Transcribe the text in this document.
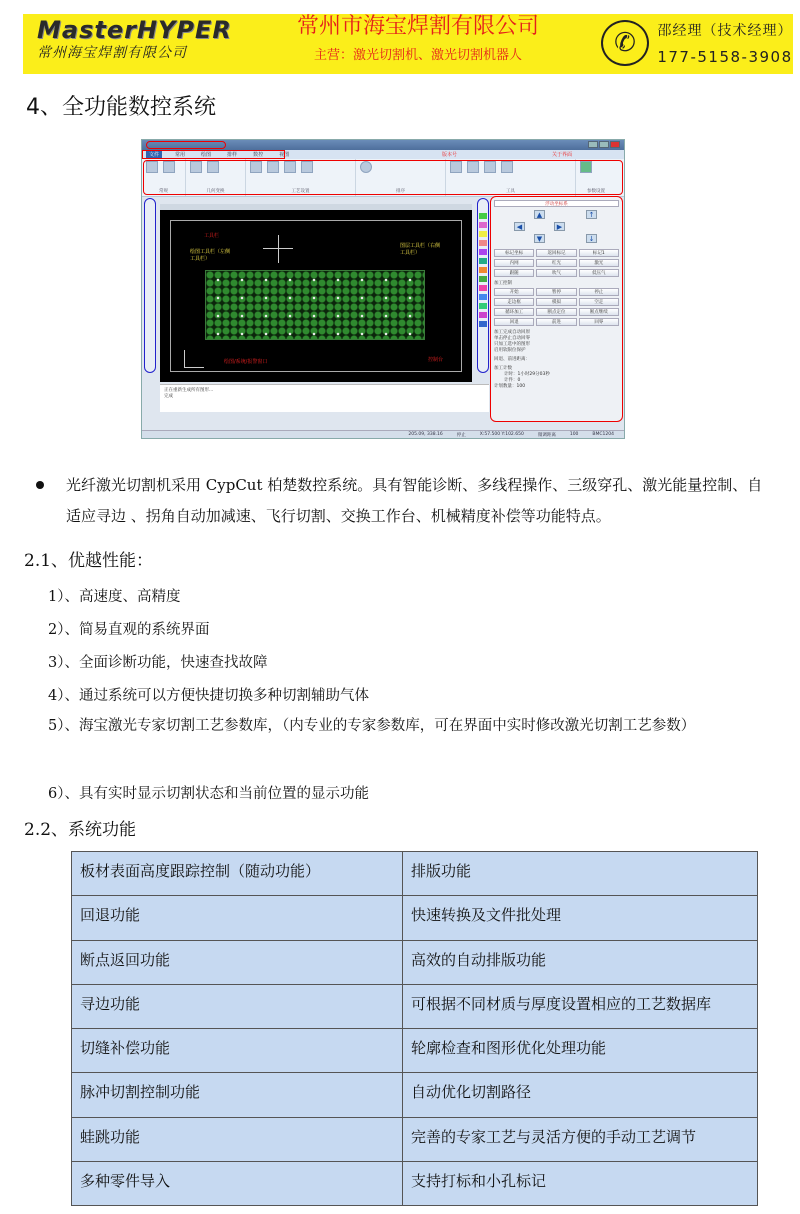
MasterHYPER
常州海宝焊割有限公司
常州市海宝焊割有限公司
主营：激光切割机、激光切割机器人	✆	邵经理（技术经理）
177-5158-3908
4、全功能数控系统
文件	常用	绘图	排样	数控	视图	版本号	关于界面
常规	几何变换	工艺设置	排序	工具	参数设置
工具栏
绘图工具栏（左侧工具栏）
图层工具栏（右侧工具栏）
绘图/系统/报警窗口	控制台
浮动坐标系
▲
◀	▶
▼
↑
↓
标记坐标	返回标记	标记1
内网	红光	激光
跟随	吹气	低压气
加工控制
开始	暂停	停止
走边框	模拟	空走
循环加工	断点定位	断点继续
回退	前进	回零
加工完成自动回原
单击停止自动回零
只加工选中的图形
启用软限位保护
回退、前进距离：
加工计数
计时：1小时29分03秒
计件：0
计划数量：100
正在重新生成所有图形...
完成
205.09, 338.16	停止	X:57.500 Y:102.650	微调距离	100	BMC1204
光纤激光切割机采用 CypCut 柏楚数控系统。具有智能诊断、多线程操作、三级穿孔、激光能量控制、自适应寻边 、拐角自动加减速、飞行切割、交换工作台、机械精度补偿等功能特点。
2.1、优越性能：
1）、高速度、高精度
2）、简易直观的系统界面
3）、全面诊断功能，快速查找故障
4）、通过系统可以方便快捷切换多种切割辅助气体
5）、海宝激光专家切割工艺参数库，（内专业的专家参数库，可在界面中实时修改激光切割工艺参数）
6）、具有实时显示切割状态和当前位置的显示功能
2.2、系统功能
板材表面高度跟踪控制（随动功能）	排版功能
回退功能	快速转换及文件批处理
断点返回功能	高效的自动排版功能
寻边功能	可根据不同材质与厚度设置相应的工艺数据库
切缝补偿功能	轮廓检查和图形优化处理功能
脉冲切割控制功能	自动优化切割路径
蛙跳功能	完善的专家工艺与灵活方便的手动工艺调节
多种零件导入	支持打标和小孔标记
